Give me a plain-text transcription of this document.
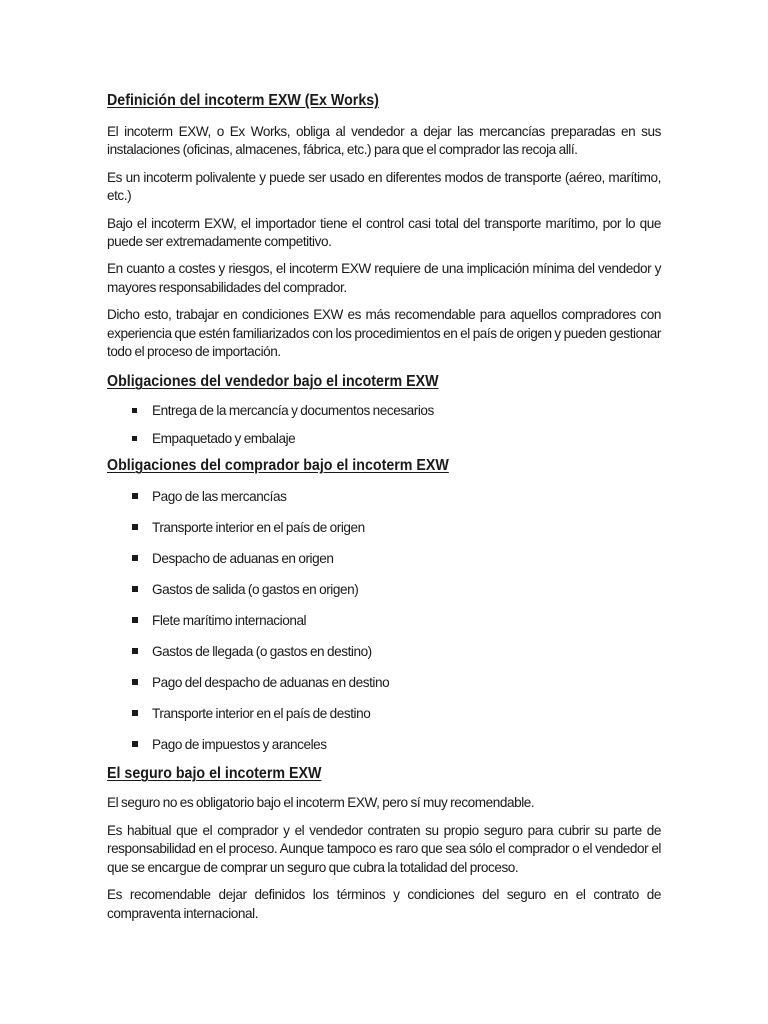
Definición del incoterm EXW (Ex Works)

El incoterm EXW, o Ex Works, obliga al vendedor a dejar las mercancías preparadas en sus instalaciones (oficinas, almacenes, fábrica, etc.) para que el comprador las recoja allí.

Es un incoterm polivalente y puede ser usado en diferentes modos de transporte (aéreo, marítimo, etc.)

Bajo el incoterm EXW, el importador tiene el control casi total del transporte marítimo, por lo que puede ser extremadamente competitivo.

En cuanto a costes y riesgos, el incoterm EXW requiere de una implicación mínima del vendedor y mayores responsabilidades del comprador.

Dicho esto, trabajar en condiciones EXW es más recomendable para aquellos compradores con experiencia que estén familiarizados con los procedimientos en el país de origen y pueden gestionar todo el proceso de importación.

Obligaciones del vendedor bajo el incoterm EXW
Entrega de la mercancía y documentos necesarios
Empaquetado y embalaje
Obligaciones del comprador bajo el incoterm EXW
Pago de las mercancías
Transporte interior en el país de origen
Despacho de aduanas en origen
Gastos de salida (o gastos en origen)
Flete marítimo internacional
Gastos de llegada (o gastos en destino)
Pago del despacho de aduanas en destino
Transporte interior en el país de destino
Pago de impuestos y aranceles
El seguro bajo el incoterm EXW

El seguro no es obligatorio bajo el incoterm EXW, pero sí muy recomendable.

Es habitual que el comprador y el vendedor contraten su propio seguro para cubrir su parte de responsabilidad en el proceso. Aunque tampoco es raro que sea sólo el comprador o el vendedor el que se encargue de comprar un seguro que cubra la totalidad del proceso.

Es recomendable dejar definidos los términos y condiciones del seguro en el contrato de compraventa internacional.
